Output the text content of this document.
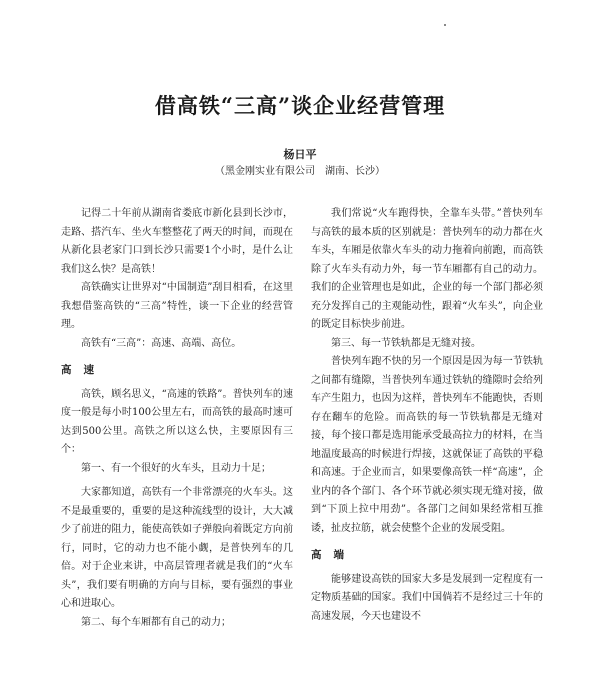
借高铁“三高”谈企业经营管理
杨日平
（黑金刚实业有限公司　湖南、长沙）

记得二十年前从湖南省娄底市新化县到长沙市，走路、搭汽车、坐火车整整花了两天的时间，而现在从新化县老家门口到长沙只需要1个小时，是什么让我们这么快？是高铁！

高铁确实让世界对“中国制造”刮目相看，在这里我想借鉴高铁的“三高”特性，谈一下企业的经营管理。

高铁有“三高”：高速、高端、高位。

高速

高铁，顾名思义，“高速的铁路”。普快列车的速度一般是每小时100公里左右，而高铁的最高时速可达到500公里。高铁之所以这么快，主要原因有三个：

第一、有一个很好的火车头，且动力十足；

大家都知道，高铁有一个非常漂亮的火车头。这不是最重要的，重要的是这种流线型的设计，大大减少了前进的阻力，能使高铁如子弹般向着既定方向前行，同时，它的动力也不能小觑，是普快列车的几倍。对于企业来讲，中高层管理者就是我们的“火车头”，我们要有明确的方向与目标，要有强烈的事业心和进取心。

第二、每个车厢都有自己的动力；

我们常说“火车跑得快，全靠车头带。”普快列车与高铁的最本质的区别就是：普快列车的动力都在火车头，车厢是依靠火车头的动力拖着向前跑，而高铁除了火车头有动力外，每一节车厢都有自己的动力。我们的企业管理也是如此，企业的每一个部门都必须充分发挥自己的主观能动性，跟着“火车头”，向企业的既定目标快步前进。

第三、每一节铁轨都是无缝对接。

普快列车跑不快的另一个原因是因为每一节铁轨之间都有缝隙，当普快列车通过铁轨的缝隙时会给列车产生阻力，也因为这样，普快列车不能跑快，否则存在翻车的危险。而高铁的每一节铁轨都是无缝对接，每个接口都是选用能承受最高拉力的材料，在当地温度最高的时候进行焊接，这就保证了高铁的平稳和高速。于企业而言，如果要像高铁一样“高速”，企业内的各个部门、各个环节就必须实现无缝对接，做到“下顶上拉中用劲”。各部门之间如果经常相互推诿，扯皮拉筋，就会使整个企业的发展受阻。

高端

能够建设高铁的国家大多是发展到一定程度有一定物质基础的国家。我们中国倘若不是经过三十年的高速发展，今天也建设不
